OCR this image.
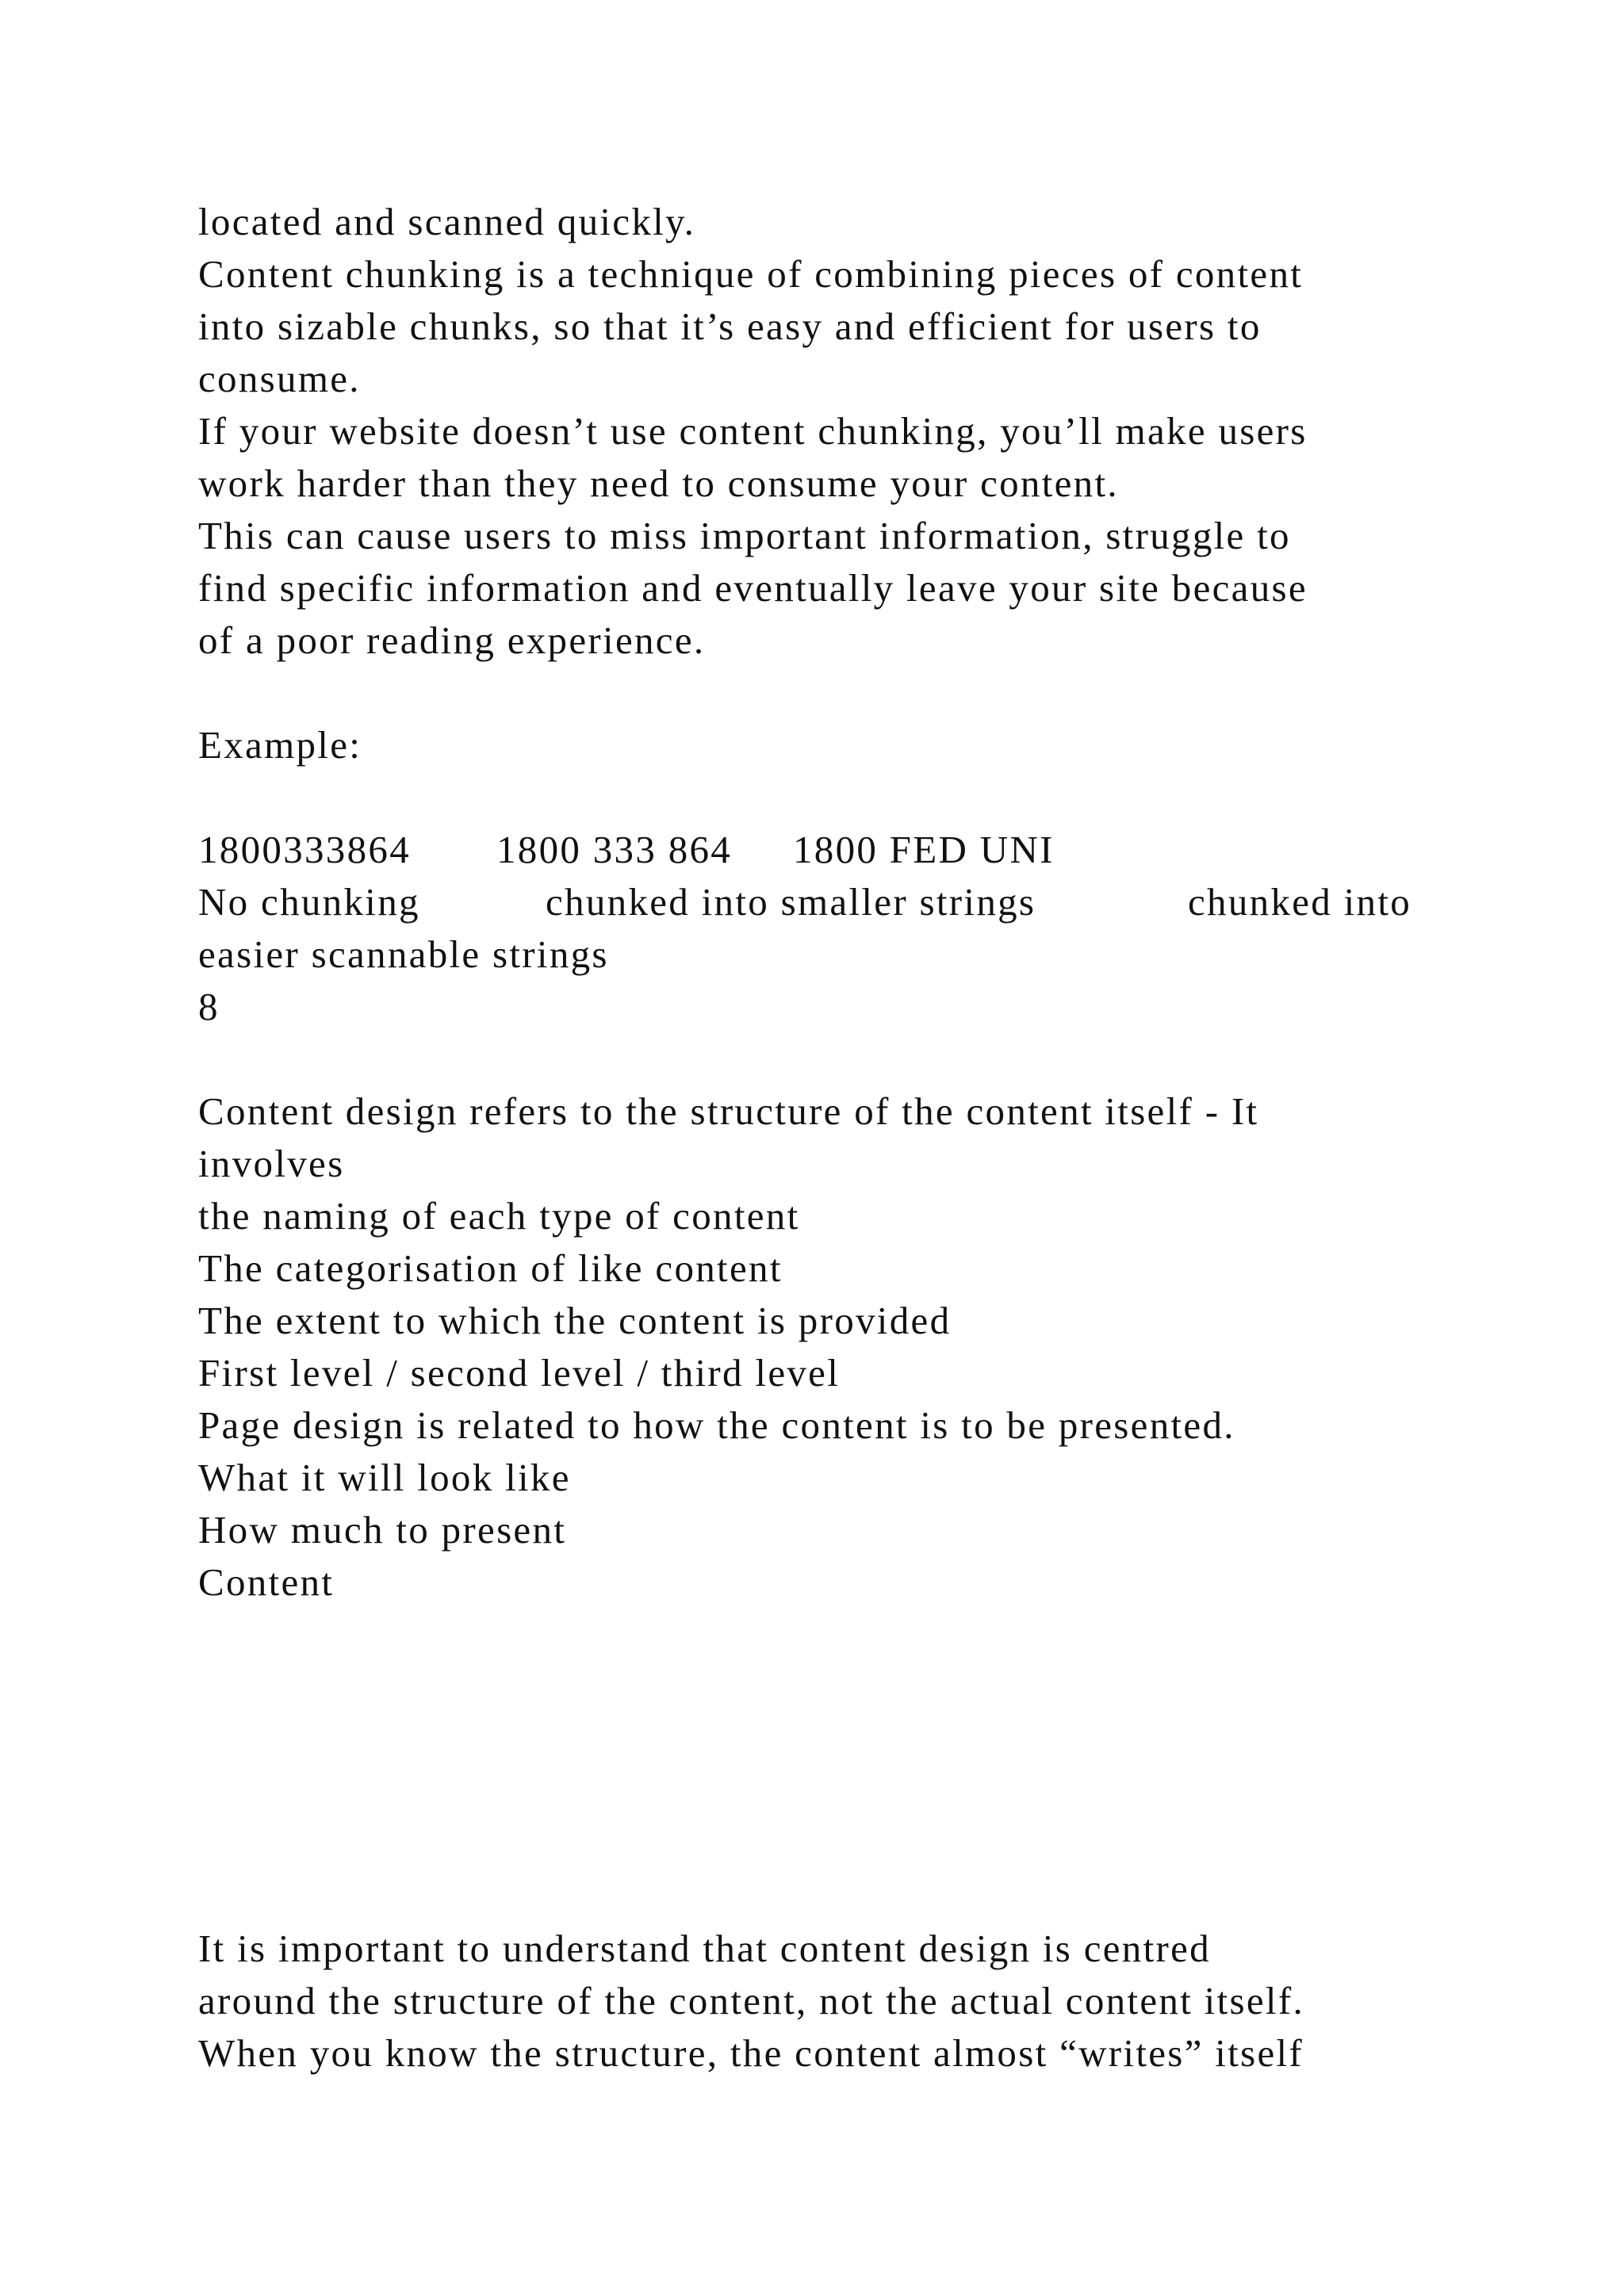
located and scanned quickly.

Content chunking is a technique of combining pieces of content

into sizable chunks, so that it’s easy and efficient for users to

consume.

If your website doesn’t use content chunking, you’ll make users

work harder than they need to consume your content.

This can cause users to miss important information, struggle to

find specific information and eventually leave your site because

of a poor reading experience.

Example:

1800333864 1800 333 864 1800 FED UNI

No chunking	chunked into smaller strings	chunked into

easier scannable strings

8

Content design refers to the structure of the content itself - It

involves

the naming of each type of content

The categorisation of like content

The extent to which the content is provided

First level / second level / third level

Page design is related to how the content is to be presented.

What it will look like

How much to present

Content

It is important to understand that content design is centred

around the structure of the content, not the actual content itself.

When you know the structure, the content almost “writes” itself
